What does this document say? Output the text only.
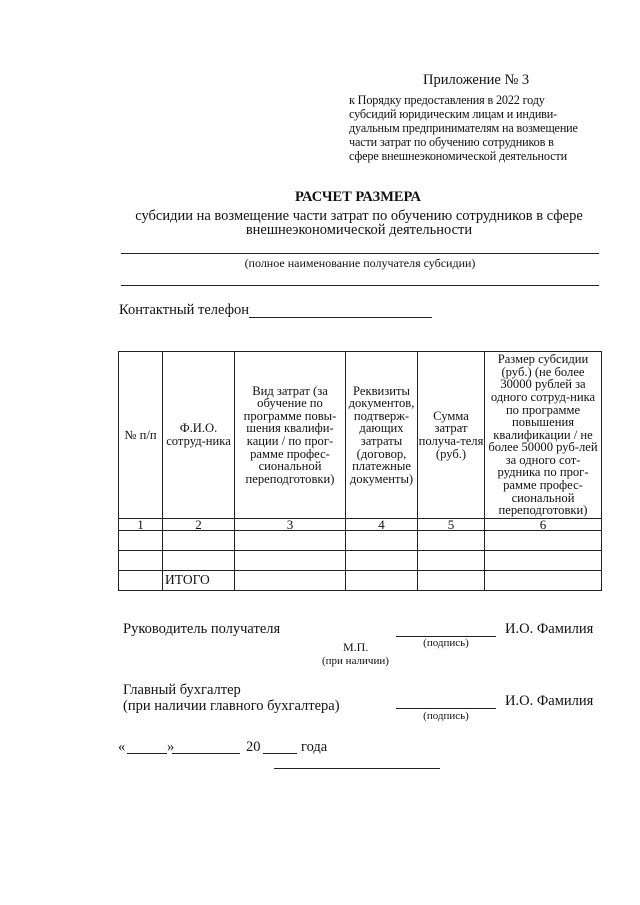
Приложение № 3
к Порядку предоставления в 2022 году
субсидий юридическим лицам и индиви-
дуальным предпринимателям на возмещение
части затрат по обучению сотрудников в
сфере внешнеэкономической деятельности
РАСЧЕТ РАЗМЕРА
субсидии на возмещение части затрат по обучению сотрудников в сфере внешнеэкономической деятельности
(полное наименование получателя субсидии)
Контактный телефон
№ п/п	Ф.И.О. сотруд-ника	Вид затрат (за обучение по программе повы-шения квалифи-кации / по прог-рамме профес-сиональной переподготовки)	Реквизиты документов, подтверж-дающих затраты (договор, платежные документы)	Сумма затрат получа-теля (руб.)	Размер субсидии (руб.) (не более 30000 рублей за одного сотруд-ника по программе повышения квалификации / не более 50000 руб-лей за одного сот-рудника по прог-рамме профес-сиональной переподготовки)
1	2	3	4	5	6

	ИТОГО				
Руководитель получателя	И.О. Фамилия
(подпись)
М.П.
(при наличии)
Главный бухгалтер
(при наличии главного бухгалтера)	И.О. Фамилия
(подпись)
«	»	20	года
